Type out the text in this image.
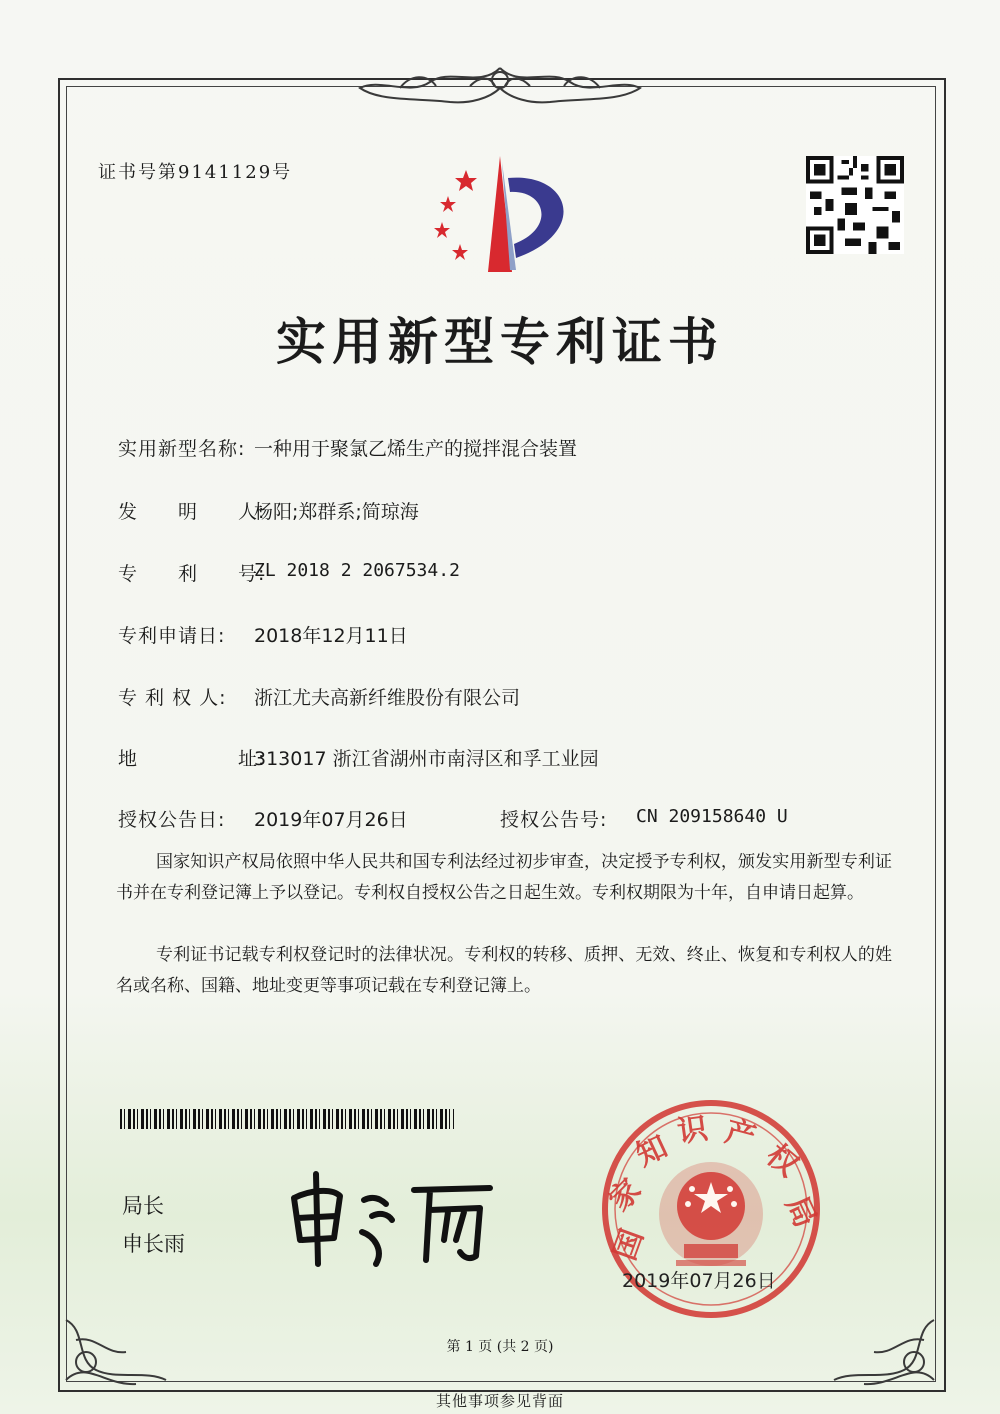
证书号第9141129号
实用新型专利证书
实用新型名称: 一种用于聚氯乙烯生产的搅拌混合装置
发　　明　　人:
杨阳;郑群系;简琼海
专　　利　　号:
ZL 2018 2 2067534.2
专利申请日: 2018年12月11日
专 利 权 人: 浙江尤夫高新纤维股份有限公司
地　　　　　址:
313017 浙江省湖州市南浔区和孚工业园
授权公告日: 2019年07月26日	授权公告号: CN 209158640 U
国家知识产权局依照中华人民共和国专利法经过初步审查，决定授予专利权，颁发实用新型专利证书并在专利登记簿上予以登记。专利权自授权公告之日起生效。专利权期限为十年，自申请日起算。
专利证书记载专利权登记时的法律状况。专利权的转移、质押、无效、终止、恢复和专利权人的姓名或名称、国籍、地址变更等事项记载在专利登记簿上。
局长
申长雨	国
家
知 识 产
权
局
2019年07月26日
第 1 页 (共 2 页)
其他事项参见背面
